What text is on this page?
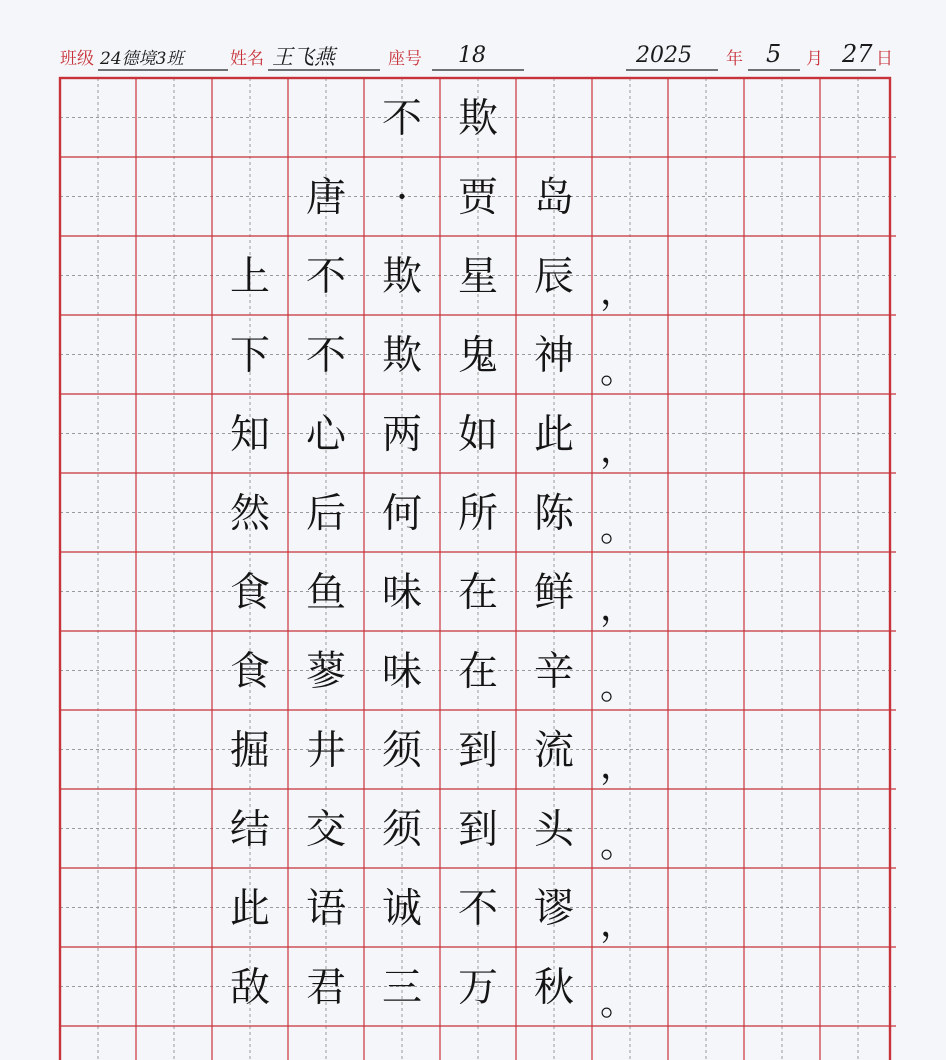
班级 24德境3班	姓名 王飞燕	座号 18	2025 年 5 月 27 日
不 欺
唐 · 贾 岛
上 不 欺 星 辰 ，
下 不 欺 鬼 神 。
知 心 两 如 此 ，
然 后 何 所 陈 。
食 鱼 味 在 鲜 ，
食 蓼 味 在 辛 。
掘 井 须 到 流 ，
结 交 须 到 头 。
此 语 诚 不 谬 ，
敌 君 三 万 秋 。
